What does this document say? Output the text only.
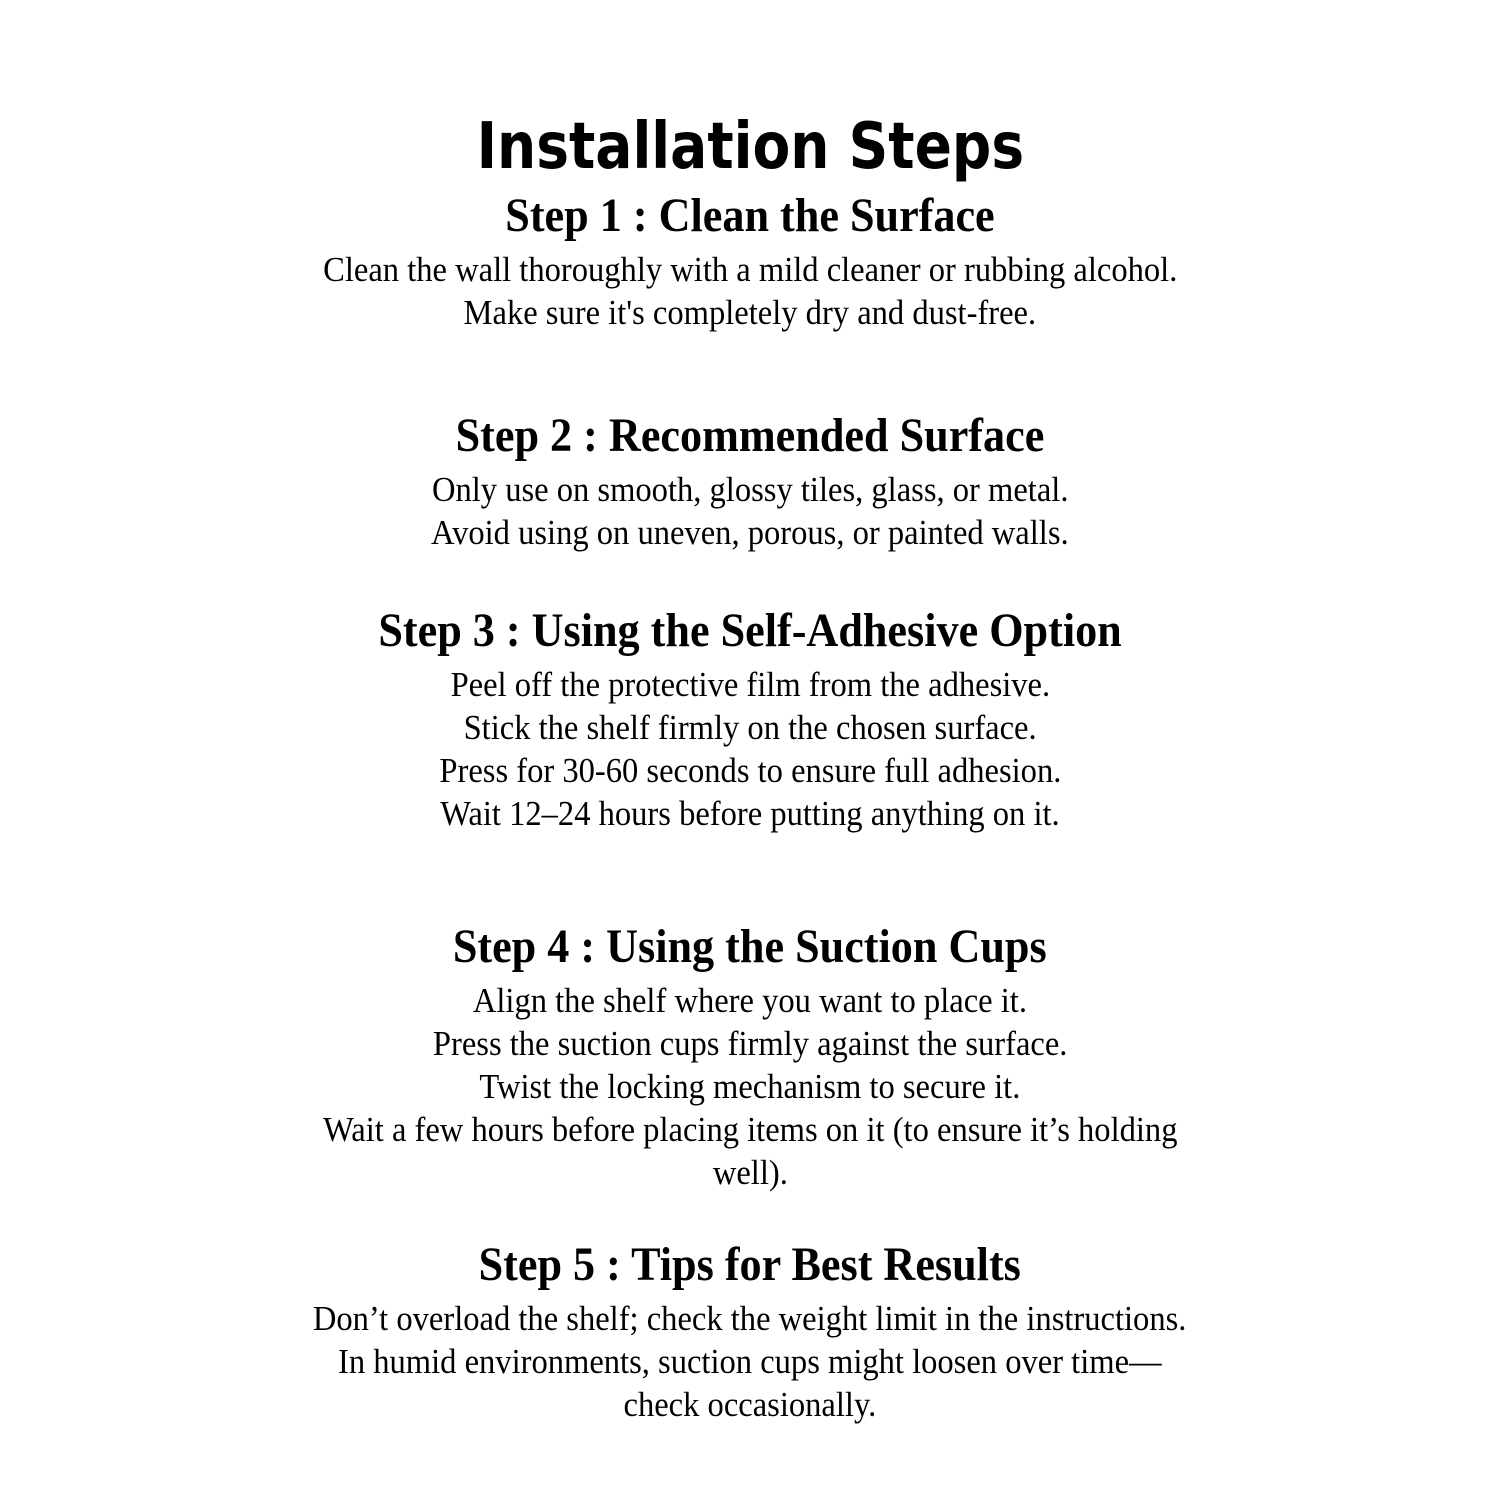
Installation Steps
Step 1 : Clean the Surface
Clean the wall thoroughly with a mild cleaner or rubbing alcohol.
Make sure it's completely dry and dust-free.
Step 2 : Recommended Surface
Only use on smooth, glossy tiles, glass, or metal.
Avoid using on uneven, porous, or painted walls.
Step 3 : Using the Self-Adhesive Option
Peel off the protective film from the adhesive.
Stick the shelf firmly on the chosen surface.
Press for 30-60 seconds to ensure full adhesion.
Wait 12–24 hours before putting anything on it.
Step 4 : Using the Suction Cups
Align the shelf where you want to place it.
Press the suction cups firmly against the surface.
Twist the locking mechanism to secure it.
Wait a few hours before placing items on it (to ensure it’s holding
well).
Step 5 : Tips for Best Results
Don’t overload the shelf; check the weight limit in the instructions.
In humid environments, suction cups might loosen over time—
check occasionally.
